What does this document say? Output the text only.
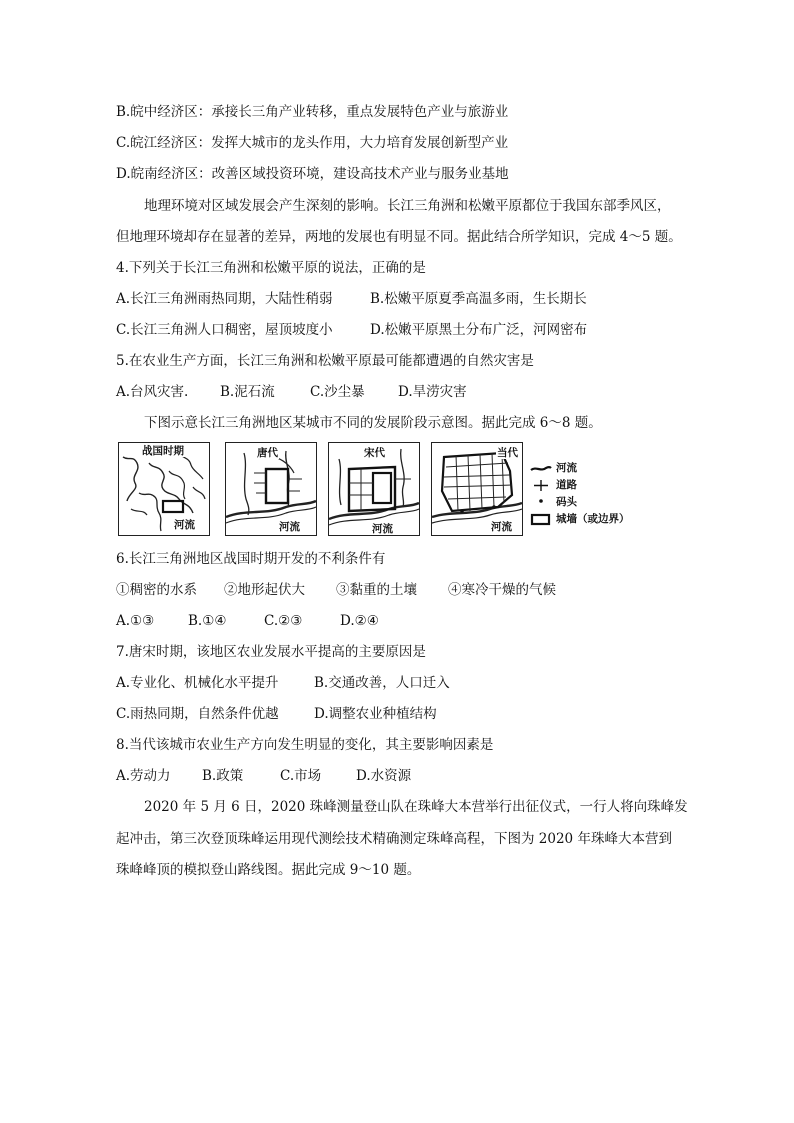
B.皖中经济区：承接长三角产业转移，重点发展特色产业与旅游业
C.皖江经济区：发挥大城市的龙头作用，大力培育发展创新型产业
D.皖南经济区：改善区域投资环境，建设高技术产业与服务业基地
地理环境对区域发展会产生深刻的影响。长江三角洲和松嫩平原都位于我国东部季风区，
但地理环境却存在显著的差异，两地的发展也有明显不同。据此结合所学知识，完成 4～5 题。
4.下列关于长江三角洲和松嫩平原的说法，正确的是
A.长江三角洲雨热同期，大陆性稍弱	B.松嫩平原夏季高温多雨，生长期长
C.长江三角洲人口稠密，屋顶坡度小	D.松嫩平原黑土分布广泛，河网密布
5.在农业生产方面，长江三角洲和松嫩平原最可能都遭遇的自然灾害是
A.台风灾害. B.泥石流	C.沙尘暴 D.旱涝灾害
下图示意长江三角洲地区某城市不同的发展阶段示意图。据此完成 6～8 题。
战国时期
河流
唐代
河流
宋代
河流
当代
河流
河流
道路
码头
城墙（或边界）
6.长江三角洲地区战国时期开发的不利条件有
①稠密的水系 ②地形起伏大 ③黏重的土壤 ④寒冷干燥的气候
A.①③	B.①④	C.②③	D.②④
7.唐宋时期，该地区农业发展水平提高的主要原因是
A.专业化、机械化水平提升	B.交通改善，人口迁入
C.雨热同期，自然条件优越	D.调整农业种植结构
8.当代该城市农业生产方向发生明显的变化，其主要影响因素是
A.劳动力 B.政策	C.市场	D.水资源
2020 年 5 月 6 日，2020 珠峰测量登山队在珠峰大本营举行出征仪式，一行人将向珠峰发
起冲击，第三次登顶珠峰运用现代测绘技术精确测定珠峰高程，下图为 2020 年珠峰大本营到
珠峰峰顶的模拟登山路线图。据此完成 9～10 题。
